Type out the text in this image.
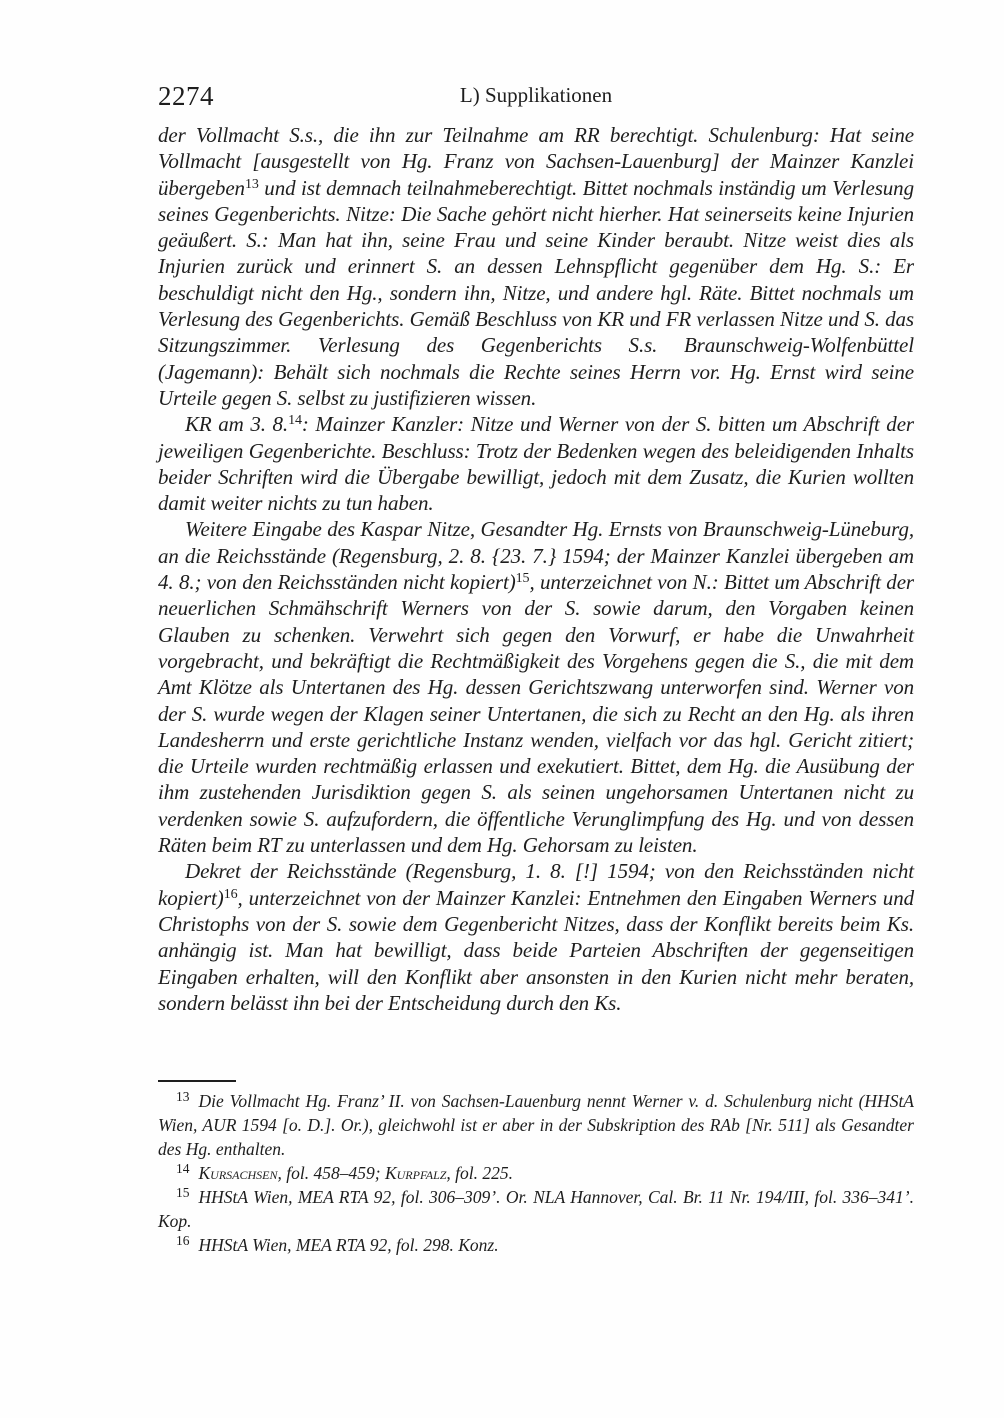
2274	L) Supplikationen

der Vollmacht S.s., die ihn zur Teilnahme am RR berechtigt. Schulenburg: Hat seine Vollmacht [ausgestellt von Hg. Franz von Sachsen-Lauenburg] der Mainzer Kanzlei übergeben$^{13}$ und ist demnach teilnahmeberechtigt. Bittet nochmals inständig um Verlesung seines Gegenberichts. Nitze: Die Sache gehört nicht hierher. Hat seinerseits keine Injurien geäußert. S.: Man hat ihn, seine Frau und seine Kinder beraubt. Nitze weist dies als Injurien zurück und erinnert S. an dessen Lehnspflicht gegenüber dem Hg. S.: Er beschuldigt nicht den Hg., sondern ihn, Nitze, und andere hgl. Räte. Bittet nochmals um Verlesung des Gegenberichts. Gemäß Beschluss von KR und FR verlassen Nitze und S. das Sitzungszimmer. Verlesung des Gegenberichts S.s. Braunschweig-Wolfenbüttel (Jagemann): Behält sich nochmals die Rechte seines Herrn vor. Hg. Ernst wird seine Urteile gegen S. selbst zu justifizieren wissen.

KR am 3. 8.14: Mainzer Kanzler: Nitze und Werner von der S. bitten um Abschrift der jeweiligen Gegenberichte. Beschluss: Trotz der Bedenken wegen des beleidigenden Inhalts beider Schriften wird die Übergabe bewilligt, jedoch mit dem Zusatz, die Kurien wollten damit weiter nichts zu tun haben.

Weitere Eingabe des Kaspar Nitze, Gesandter Hg. Ernsts von Braunschweig-Lüneburg, an die Reichsstände (Regensburg, 2. 8. {23. 7.} 1594; der Mainzer Kanzlei übergeben am 4. 8.; von den Reichsständen nicht kopiert)$^{15}$, unterzeichnet von N.: Bittet um Abschrift der neuerlichen Schmähschrift Werners von der S. sowie darum, den Vorgaben keinen Glauben zu schenken. Verwehrt sich gegen den Vorwurf, er habe die Unwahrheit vorgebracht, und bekräftigt die Rechtmäßigkeit des Vorgehens gegen die S., die mit dem Amt Klötze als Untertanen des Hg. dessen Gerichtszwang unterworfen sind. Werner von der S. wurde wegen der Klagen seiner Untertanen, die sich zu Recht an den Hg. als ihren Landesherrn und erste gerichtliche Instanz wenden, vielfach vor das hgl. Gericht zitiert; die Urteile wurden rechtmäßig erlassen und exekutiert. Bittet, dem Hg. die Ausübung der ihm zustehenden Jurisdiktion gegen S. als seinen ungehorsamen Untertanen nicht zu verdenken sowie S. aufzufordern, die öffentliche Verunglimpfung des Hg. und von dessen Räten beim RT zu unterlassen und dem Hg. Gehorsam zu leisten.

Dekret der Reichsstände (Regensburg, 1. 8. [!] 1594; von den Reichsständen nicht kopiert)$^{16}$, unterzeichnet von der Mainzer Kanzlei: Entnehmen den Eingaben Werners und Christophs von der S. sowie dem Gegenbericht Nitzes, dass der Konflikt bereits beim Ks. anhängig ist. Man hat bewilligt, dass beide Parteien Abschriften der gegenseitigen Eingaben erhalten, will den Konflikt aber ansonsten in den Kurien nicht mehr beraten, sondern belässt ihn bei der Entscheidung durch den Ks.

$^{13}$ Die Vollmacht Hg. Franz’ II. von Sachsen-Lauenburg nennt Werner v. d. Schulenburg nicht (HHStA Wien, AUR 1594 [o. D.]. Or.), gleichwohl ist er aber in der Subskription des RAb [Nr. 511] als Gesandter des Hg. enthalten.

$^{14}$ Kursachsen, fol. 458–459; Kurpfalz, fol. 225.

$^{15}$ HHStA Wien, MEA RTA 92, fol. 306–309’. Or. NLA Hannover, Cal. Br. 11 Nr. 194/III, fol. 336–341’. Kop.

$^{16}$ HHStA Wien, MEA RTA 92, fol. 298. Konz.
